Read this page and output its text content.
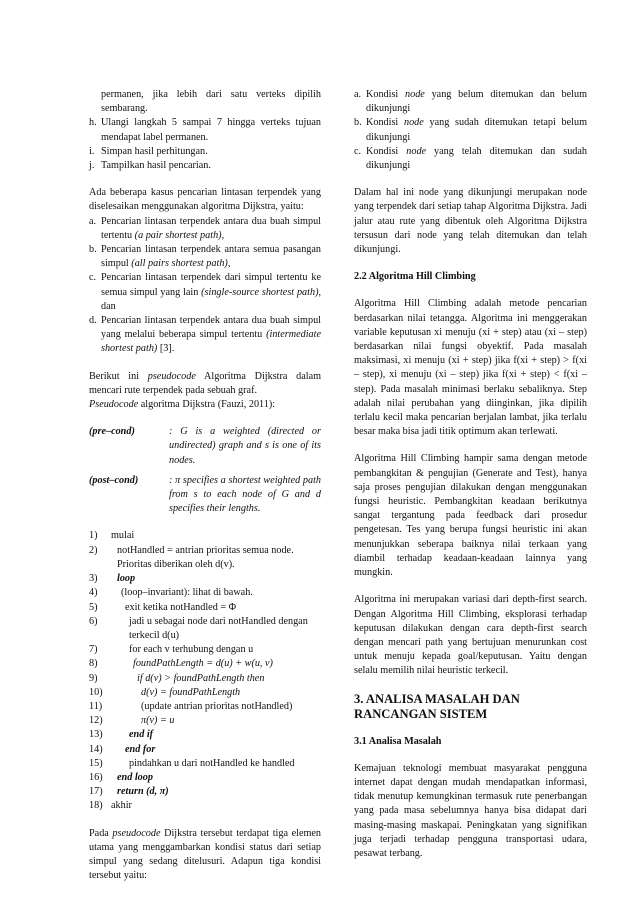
permanen, jika lebih dari satu verteks dipilih sembarang.
h. Ulangi langkah 5 sampai 7 hingga verteks tujuan mendapat label permanen.
i. Simpan hasil perhitungan.
j. Tampilkan hasil pencarian.

Ada beberapa kasus pencarian lintasan terpendek yang diselesaikan menggunakan algoritma Dijkstra, yaitu:

a. Pencarian lintasan terpendek antara dua buah simpul tertentu (a pair shortest path),
b. Pencarian lintasan terpendek antara semua pasangan simpul (all pairs shortest path),
c. Pencarian lintasan terpendek dari simpul tertentu ke semua simpul yang lain (single-source shortest path), dan
d. Pencarian lintasan terpendek antara dua buah simpul yang melalui beberapa simpul tertentu (intermediate shortest path) [3].

Berikut ini pseudocode Algoritma Dijkstra dalam mencari rute terpendek pada sebuah graf.

Pseudocode algoritma Dijkstra (Fauzi, 2011):

(pre–cond)	: G is a weighted (directed or undirected) graph and s is one of its nodes.
(post–cond)	: π specifies a shortest weighted path from s to each node of G and d specifies their lengths.
1)	mulai
2)	notHandled = antrian prioritas semua node. Prioritas diberikan oleh d(v).
3)	loop
4)	(loop–invariant): lihat di bawah.
5)	exit ketika notHandled = Φ
6)	jadi u sebagai node dari notHandled dengan terkecil d(u)
7)	for each v terhubung dengan u
8)	foundPathLength = d(u) + w(u, v)
9)	if d(v) > foundPathLength then
10)	d(v) = foundPathLength
11)	(update antrian prioritas notHandled)
12)	π(v) = u
13)	end if
14)	end for
15)	pindahkan u dari notHandled ke handled
16)	end loop
17)	return (d, π)
18) akhir

Pada pseudocode Dijkstra tersebut terdapat tiga elemen utama yang menggambarkan kondisi status dari setiap simpul yang sedang ditelusuri. Adapun tiga kondisi tersebut yaitu:

a. Kondisi node yang belum ditemukan dan belum dikunjungi
b. Kondisi node yang sudah ditemukan tetapi belum dikunjungi
c. Kondisi node yang telah ditemukan dan sudah dikunjungi

Dalam hal ini node yang dikunjungi merupakan node yang terpendek dari setiap tahap Algoritma Dijkstra. Jadi jalur atau rute yang dibentuk oleh Algoritma Dijkstra tersusun dari node yang telah ditemukan dan telah dikunjungi.

2.2 Algoritma Hill Climbing

Algoritma Hill Climbing adalah metode pencarian berdasarkan nilai tetangga. Algoritma ini menggerakan variable keputusan xi menuju (xi + step) atau (xi – step) berdasarkan nilai fungsi obyektif. Pada masalah maksimasi, xi menuju (xi + step) jika f(xi + step) > f(xi – step), xi menuju (xi – step) jika f(xi + step) < f(xi – step). Pada masalah minimasi berlaku sebaliknya. Step adalah nilai perubahan yang diinginkan, jika dipilih terlalu kecil maka pencarian berjalan lambat, jika terlalu besar maka bisa jadi titik optimum akan terlewati.

Algoritma Hill Climbing hampir sama dengan metode pembangkitan & pengujian (Generate and Test), hanya saja proses pengujian dilakukan dengan menggunakan fungsi heuristic. Pembangkitan keadaan berikutnya sangat tergantung pada feedback dari prosedur pengetesan. Tes yang berupa fungsi heuristic ini akan menunjukkan seberapa baiknya nilai terkaan yang diambil terhadap keadaan-keadaan lainnya yang mungkin.

Algoritma ini merupakan variasi dari depth-first search. Dengan Algoritma Hill Climbing, eksplorasi terhadap keputusan dilakukan dengan cara depth-first search dengan mencari path yang bertujuan menurunkan cost untuk menuju kepada goal/keputusan. Yaitu dengan selalu memilih nilai heuristic terkecil.

3. ANALISA MASALAH DAN RANCANGAN SISTEM
3.1 Analisa Masalah

Kemajuan teknologi membuat masyarakat pengguna internet dapat dengan mudah mendapatkan informasi, tidak menutup kemungkinan termasuk rute penerbangan yang pada masa sebelumnya hanya bisa didapat dari masing-masing maskapai. Peningkatan yang signifikan juga terjadi terhadap pengguna transportasi udara, pesawat terbang.
